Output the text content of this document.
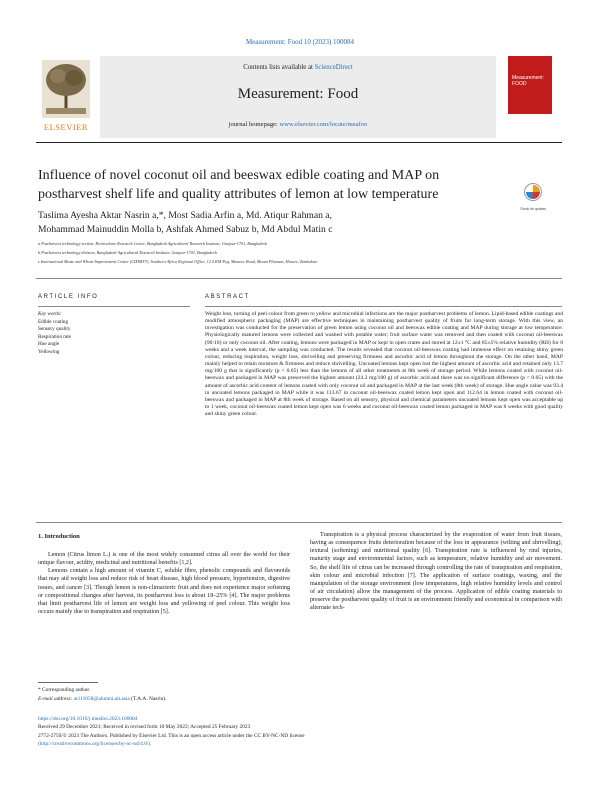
Measurement: Food 10 (2023) 100084
ELSEVIER
Contents lists available at ScienceDirect
Measurement: Food
journal homepage: www.elsevier.com/locate/meafoo
Measurement: FOOD
Influence of novel coconut oil and beeswax edible coating and MAP on
postharvest shelf life and quality attributes of lemon at low temperature
Check for updates
Taslima Ayesha Aktar Nasrin a,*, Most Sadia Arfin a, Md. Atiqur Rahman a,
Mohammad Mainuddin Molla b, Ashfak Ahmed Sabuz b, Md Abdul Matin c
a Postharvest technology section, Horticulture Research Centre, Bangladesh Agricultural Research Institute, Gazipur-1701, Bangladesh
b Postharvest technology division, Bangladesh Agricultural Research Institute, Gazipur-1701, Bangladesh
c International Maize and Wheat Improvement Center (CIMMYT), Southern Africa Regional Office, 12.5 KM Peg, Mazowe Road, Mount Pleasant, Harare, Zimbabwe
ARTICLE INFO	ABSTRACT
Key words:
Edible coating
Sensory quality
Respiration rate
Hue angle
Yellowing
Weight loss, turning of peel colour from green to yellow and microbial infections are the major postharvest problems of lemon. Lipid-based edible coatings and modified atmospheric packaging (MAP) are effective techniques in maintaining postharvest quality of fruits for long-term storage. With this view, an investigation was conducted for the preservation of green lemon using coconut oil and beeswax edible coating and MAP during storage at low temperature. Physiologically matured lemons were collected and washed with potable water; fruit surface water was removed and then coated with coconut oil-beeswax (90:10) or only coconut oil. After coating, lemons were packaged in MAP or kept in open crates and stored at 12±1 °C and 85±5% relative humidity (RH) for 8 weeks and a week interval, the sampling was conducted. The results revealed that coconut oil-beeswax coating had immense effect on retaining shiny green colour, reducing respiration, weight loss, shrivelling and preserving firmness and ascorbic acid of lemon throughout the storage. On the other hand, MAP mainly helped to retain moisture & firmness and reduce shrivelling. Uncoated lemons kept open lost the highest amount of ascorbic acid and retained only 13.7 mg/100 g that is significantly (p < 0.05) less than the lemons of all other treatments at 8th week of storage period. While lemons coated with coconut oil-beeswax and packaged in MAP was preserved the highest amount (24.2 mg/100 g) of ascorbic acid and there was no significant difference (p < 0.05) with the amount of ascorbic acid content of lemons coated with only coconut oil and packaged in MAP at the last week (8th week) of storage. Hue angle value was 93.4 in uncoated lemons packaged in MAP while it was 113.67 in coconut oil-beeswax coated lemon kept open and 112.64 in lemon coated with coconut oil-beeswax and packaged in MAP at 8th week of storage. Based on all sensory, physical and chemical parameters uncoated lemons kept open was acceptable up to 1 week, coconut oil-beeswax coated lemon kept open was 6 weeks and coconut oil-beeswax coated lemon packaged in MAP was 8 weeks with good quality and shiny green colour.
1. Introduction

Lemon (Citrus limon L.) is one of the most widely consumed citrus all over the world for their unique flavour, acidity, medicinal and nutritional benefits [1,2].

Lemons contain a high amount of vitamin C, soluble fibre, phenolic compounds and flavonoids that may aid weight loss and reduce risk of heart disease, high blood pressure, hypertension, digestive issues, and cancer [3]. Though lemon is non-climacteric fruit and does not experience major softening or compositional changes after harvest, its postharvest loss is about 18–25% [4]. The major problems that limit postharvest life of lemon are weight loss and yellowing of peel colour. This weight loss occurs mainly due to transpiration and respiration [5].

Transpiration is a physical process characterized by the evaporation of water from fruit tissues, having as consequence fruits deterioration because of the loss in appearance (wilting and shrivelling), textural (softening) and nutritional quality [6]. Transpiration rate is influenced by rind injuries, maturity stage and environmental factors, such as temperature, relative humidity and air movement. So, the shelf life of citrus can be increased through controlling the rate of transpiration and respiration, skin colour and microbial infection [7]. The application of surface coatings, waxing, and the manipulation of the storage environment (low temperatures, high relative humidity levels and control of air circulation) allow the management of the process. Application of edible coating materials to preserve the postharvest quality of fruit is an environment friendly and economical in comparison with alternate tech-

* Corresponding author.
E-mail address: at111058@alumni.ait.asia (T.A.A. Nasrin).
https://doi.org/10.1016/j.meafoo.2023.100084
Received 29 December 2021; Received in revised form 10 May 2022; Accepted 25 February 2023
2772-2759/© 2023 The Authors. Published by Elsevier Ltd. This is an open access article under the CC BY-NC-ND license
(http://creativecommons.org/licenses/by-nc-nd/4.0/).
